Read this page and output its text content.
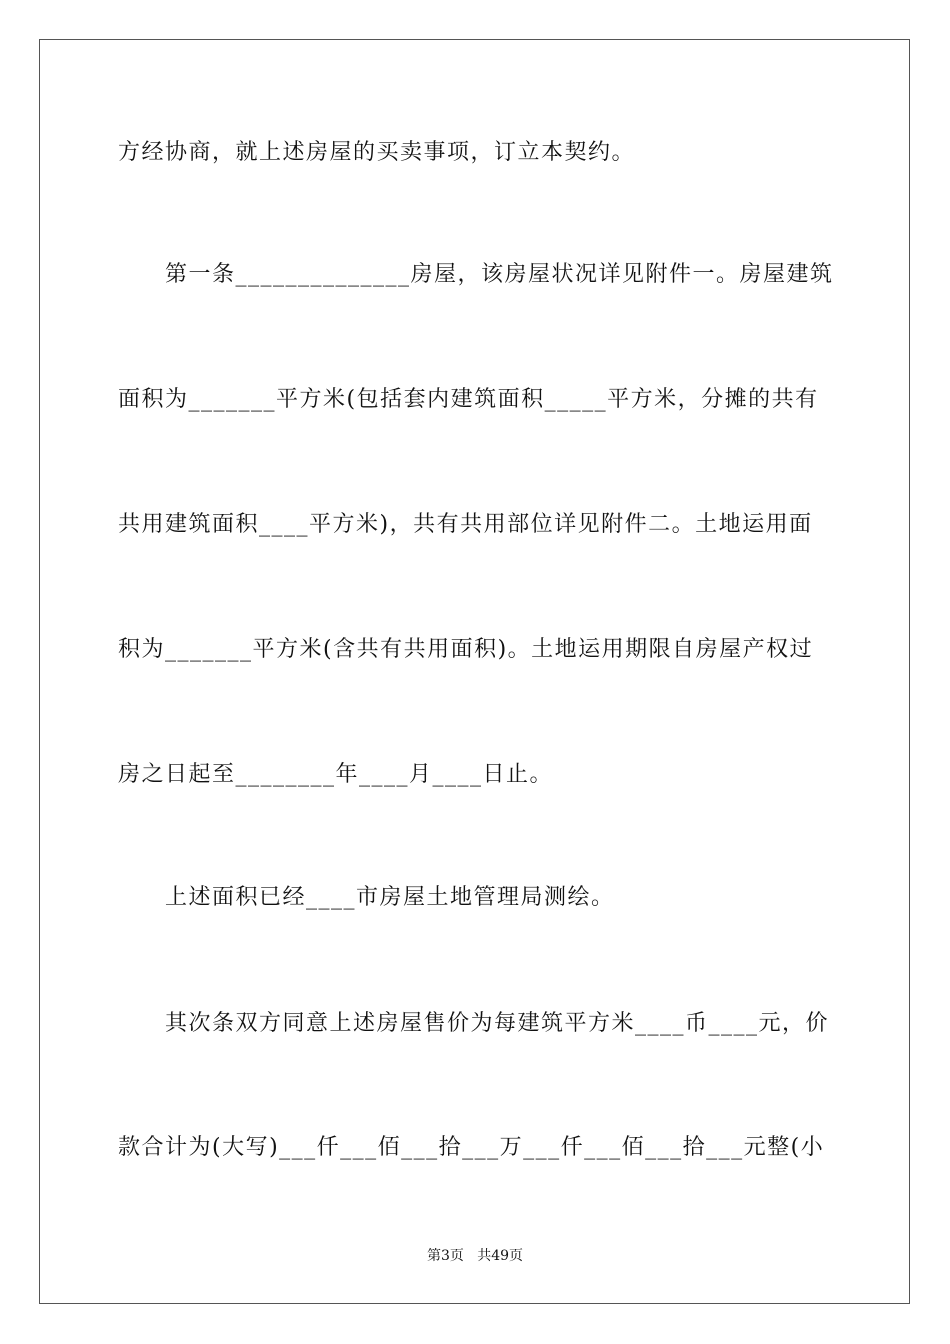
方经协商，就上述房屋的买卖事项，订立本契约。
第一条______________房屋，该房屋状况详见附件一。房屋建筑
面积为_______平方米(包括套内建筑面积_____平方米，分摊的共有
共用建筑面积____平方米)，共有共用部位详见附件二。土地运用面
积为_______平方米(含共有共用面积)。土地运用期限自房屋产权过
房之日起至________年____月____日止。
上述面积已经____市房屋土地管理局测绘。
其次条双方同意上述房屋售价为每建筑平方米____币____元，价
款合计为(大写)___仟___佰___拾___万___仟___佰___拾___元整(小
第3页   共49页
